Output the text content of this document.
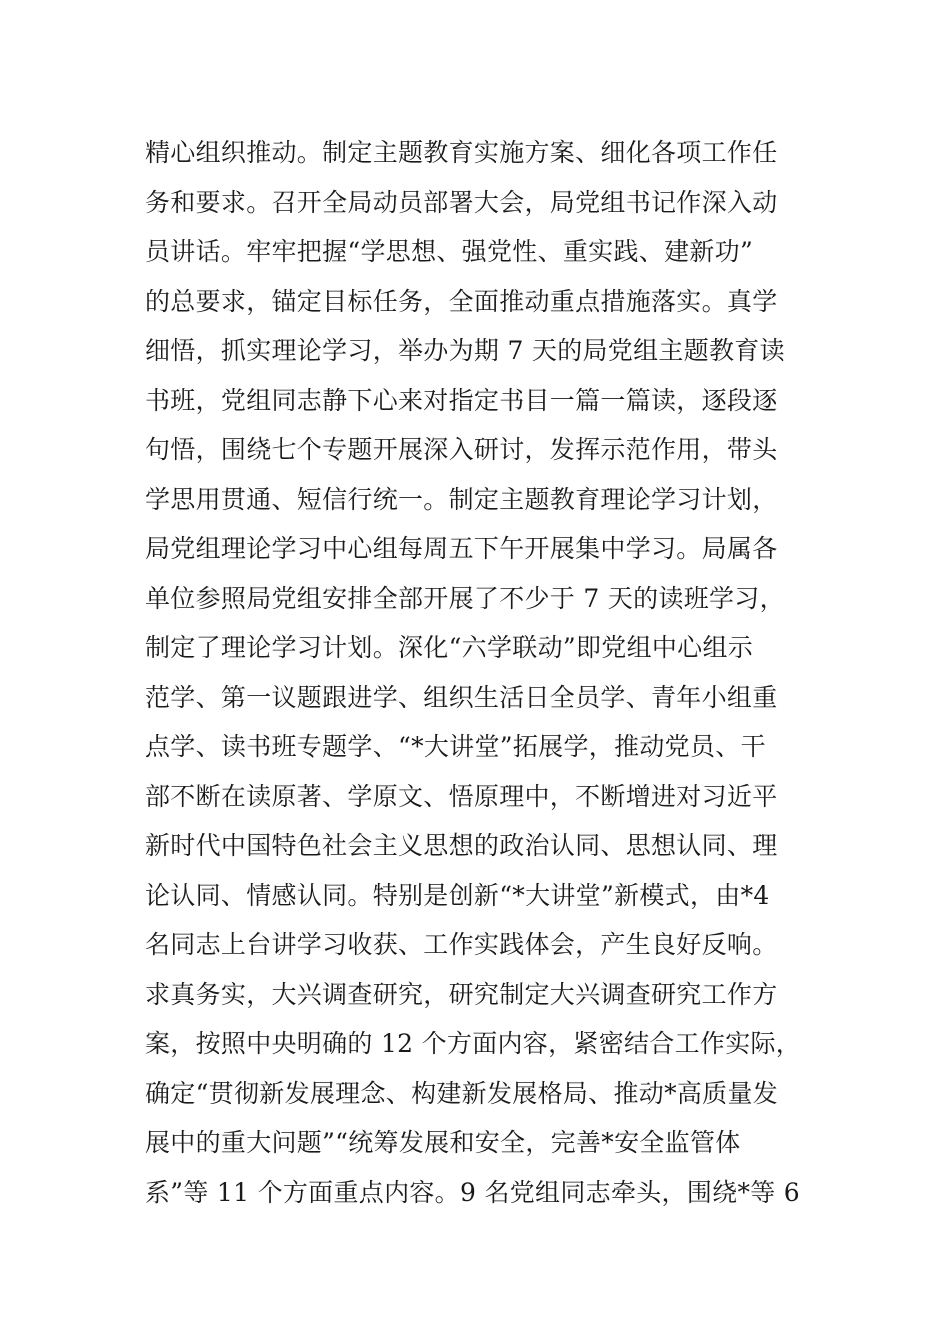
精心组织推动。制定主题教育实施方案、细化各项工作任
务和要求。召开全局动员部署大会，局党组书记作深入动
员讲话。牢牢把握“学思想、强党性、重实践、建新功”
的总要求，锚定目标任务，全面推动重点措施落实。真学
细悟，抓实理论学习，举办为期 7 天的局党组主题教育读
书班，党组同志静下心来对指定书目一篇一篇读，逐段逐
句悟，围绕七个专题开展深入研讨，发挥示范作用，带头
学思用贯通、短信行统一。制定主题教育理论学习计划，
局党组理论学习中心组每周五下午开展集中学习。局属各
单位参照局党组安排全部开展了不少于 7 天的读班学习，
制定了理论学习计划。深化“六学联动”即党组中心组示
范学、第一议题跟进学、组织生活日全员学、青年小组重
点学、读书班专题学、“*大讲堂”拓展学，推动党员、干
部不断在读原著、学原文、悟原理中，不断增进对习近平
新时代中国特色社会主义思想的政治认同、思想认同、理
论认同、情感认同。特别是创新“*大讲堂”新模式，由*4
名同志上台讲学习收获、工作实践体会，产生良好反响。
求真务实，大兴调查研究，研究制定大兴调查研究工作方
案，按照中央明确的 12 个方面内容，紧密结合工作实际，
确定“贯彻新发展理念、构建新发展格局、推动*高质量发
展中的重大问题”“统筹发展和安全，完善*安全监管体
系”等 11 个方面重点内容。9 名党组同志牵头，围绕*等 6
